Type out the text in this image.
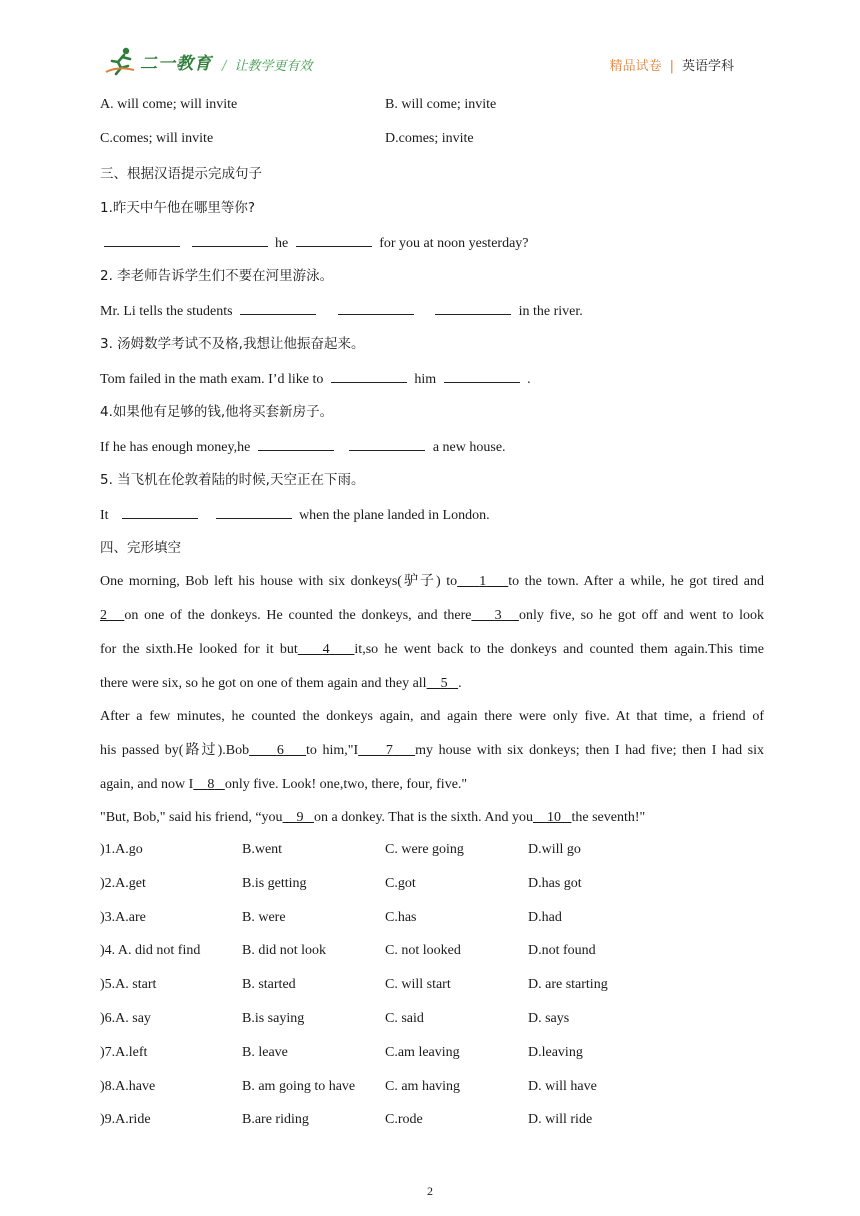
二一教育 / 让教学更有效	精品试卷 | 英语学科
A. will come; will invite	B. will come; invite
C.comes; will invite	D.comes; invite
三、根据汉语提示完成句子
1.昨天中午他在哪里等你?
he	for you at noon yesterday?
2. 李老师告诉学生们不要在河里游泳。
Mr. Li tells the students	in the river.
3. 汤姆数学考试不及格,我想让他振奋起来。
Tom failed in the math exam. I’d like to	him	.
4.如果他有足够的钱,他将买套新房子。
If he has enough money,he	a new house.
5. 当飞机在伦敦着陆的时候,天空正在下雨。
It	when the plane landed in London.
四、完形填空
One morning, Bob left his house with six donkeys(驴子) to 1 to the town. After a while, he got tired and
2 on one of the donkeys. He counted the donkeys, and there 3 only five, so he got off and went to look
for the sixth.He looked for it but 4 it,so he went back to the donkeys and counted them again.This time
there were six, so he got on one of them again and they all 5 .
After a few minutes, he counted the donkeys again, and again there were only five. At that time, a friend of
his passed by(路过).Bob 6 to him,"I 7 my house with six donkeys; then I had five; then I had six
again, and now I 8 only five. Look! one,two, there, four, five."
"But, Bob," said his friend, “you 9 on a donkey. That is the sixth. And you 10 the seventh!"
)1.A.go	B.went	C. were going	D.will go
)2.A.get	B.is getting	C.got	D.has got
)3.A.are	B. were	C.has	D.had
)4. A. did not find	B. did not look	C. not looked	D.not found
)5.A. start	B. started	C. will start	D. are starting
)6.A. say	B.is saying	C. said	D. says
)7.A.left	B. leave	C.am leaving	D.leaving
)8.A.have	B. am going to have C. am having	D. will have
)9.A.ride	B.are riding	C.rode	D. will ride
2
